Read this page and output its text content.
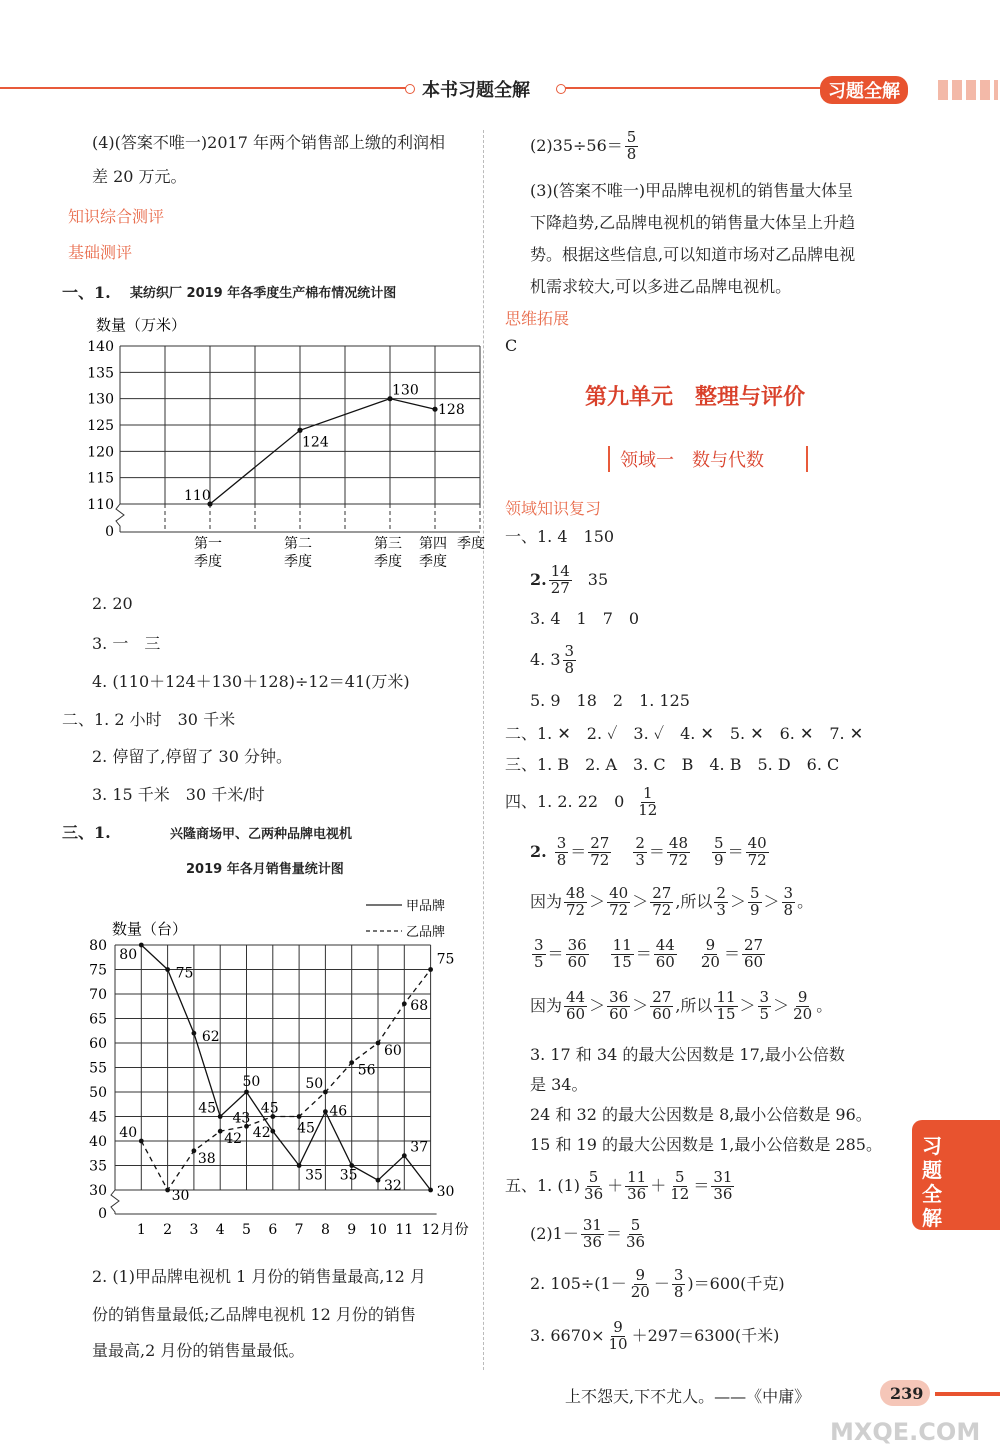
本书习题全解	习题全解
(4)(答案不唯一)2017 年两个销售部上缴的利润相
差 20 万元。
知识综合测评
基础测评
一、1. 某纺织厂 2019 年各季度生产棉布情况统计图
140
135
130
125
120
115
110
0
110
124
130
128
第一
季度
第二
季度
第三
季度
第四
季度
季度
数量（万米）
2. 20
3. 一　三
4. (110＋124＋130＋128)÷12＝41(万米)
二、1. 2 小时　30 千米
2. 停留了,停留了 30 分钟。
3. 15 千米　30 千米/时
三、1.	兴隆商场甲、乙两种品牌电视机
2019 年各月销售量统计图
80
75
70
65
60
55
50
45
40
35
30
0
1 2 3 4 5 6 7 8 9 10 11 12 月份
80
75
62
45
50
42
35
46
35
32
37
30
40
30
38
42
43
45
45
50
56
60
68
75
数量（台）
甲品牌
乙品牌
2. (1)甲品牌电视机 1 月份的销售量最高,12 月
份的销售量最低;乙品牌电视机 12 月份的销售
量最高,2 月份的销售量最低。
$(2)35\div 56= \frac{5}{8}$
(3)(答案不唯一)甲品牌电视机的销售量大体呈
下降趋势,乙品牌电视机的销售量大体呈上升趋
势。根据这些信息,可以知道市场对乙品牌电视
机需求较大,可以多进乙品牌电视机。
思维拓展
C
第九单元　整理与评价
领域一　数与代数
领域知识复习
一、1. 4　150
2. $\frac{14}{27} 35$
3. 4　1　7　0
4. $3 \frac{3}{8}$
5. 9　18　2　1. 125
二、1. ✕　2. ✓　3. ✓　4. ✕　5. ✕　6. ✕　7. ✕
三、1. B　2. A　3. C　B　4. B　5. D　6. C
四、1. 2. 22　$0 \frac{1}{12}$
2. $\frac{3}{8} = \frac{27}{72} \frac{2}{3} = \frac{48}{72} \frac{5}{9} = \frac{40}{72}$
因为 $\frac{48}{72} > \frac{40}{72} > \frac{27}{72}$ ,所以 $\frac{2}{3} > \frac{5}{9} > \frac{3}{8}$ 。
$\frac{3}{5} = \frac{36}{60} \frac{11}{15} = \frac{44}{60} \frac{9}{20} = \frac{27}{60}$
因为 $\frac{44}{60} > \frac{36}{60} > \frac{27}{60}$ ,所以 $\frac{11}{15} > \frac{3}{5} > \frac{9}{20}$ 。
3. 17 和 34 的最大公因数是 17,最小公倍数
是 34。
24 和 32 的最大公因数是 8,最小公倍数是 96。
15 和 19 的最大公因数是 1,最小公倍数是 285。
五、1. $(1) \frac{5}{36} + \frac{11}{36} + \frac{5}{12} = \frac{31}{36}$
$(2)1- \frac{31}{36} = \frac{5}{36}$
2. $105\div(1- \frac{9}{20} - \frac{3}{8} )=600$(千克)
3. $6670\times \frac{9}{10} +297=6300$(千米)
习题全解
上不怨天,下不尤人。——《中庸》	239
MXQE.COM
